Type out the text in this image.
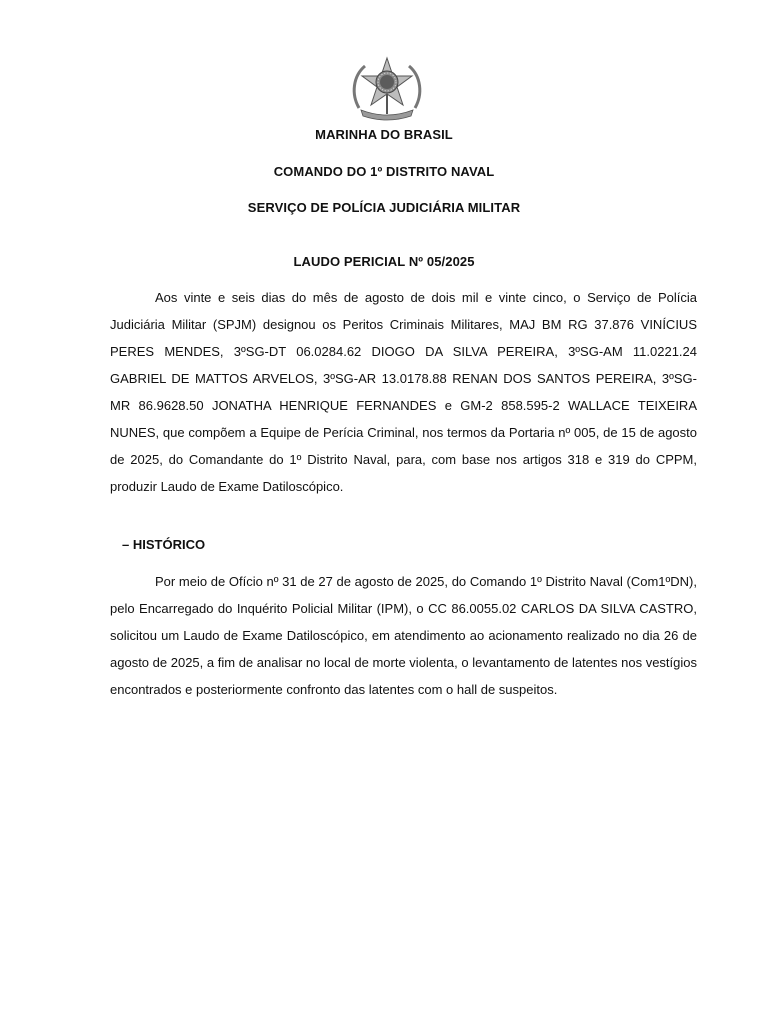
MARINHA DO BRASIL
COMANDO DO 1º DISTRITO NAVAL
SERVIÇO DE POLÍCIA JUDICIÁRIA MILITAR
LAUDO PERICIAL Nº 05/2025

Aos vinte e seis dias do mês de agosto de dois mil e vinte cinco, o Serviço de Polícia Judiciária Militar (SPJM) designou os Peritos Criminais Militares, MAJ BM RG 37.876 VINÍCIUS PERES MENDES, 3ºSG-DT 06.0284.62 DIOGO DA SILVA PEREIRA, 3ºSG-AM 11.0221.24 GABRIEL DE MATTOS ARVELOS, 3ºSG-AR 13.0178.88 RENAN DOS SANTOS PEREIRA, 3ºSG-MR 86.9628.50 JONATHA HENRIQUE FERNANDES e GM-2 858.595-2 WALLACE TEIXEIRA NUNES, que compõem a Equipe de Perícia Criminal, nos termos da Portaria nº 005, de 15 de agosto de 2025, do Comandante do 1º Distrito Naval, para, com base nos artigos 318 e 319 do CPPM, produzir Laudo de Exame Datiloscópico.

– HISTÓRICO

Por meio de Ofício nº 31 de 27 de agosto de 2025, do Comando 1º Distrito Naval (Com1ºDN), pelo Encarregado do Inquérito Policial Militar (IPM), o CC 86.0055.02 CARLOS DA SILVA CASTRO, solicitou um Laudo de Exame Datiloscópico, em atendimento ao acionamento realizado no dia 26 de agosto de 2025, a fim de analisar no local de morte violenta, o levantamento de latentes nos vestígios encontrados e posteriormente confronto das latentes com o hall de suspeitos.
